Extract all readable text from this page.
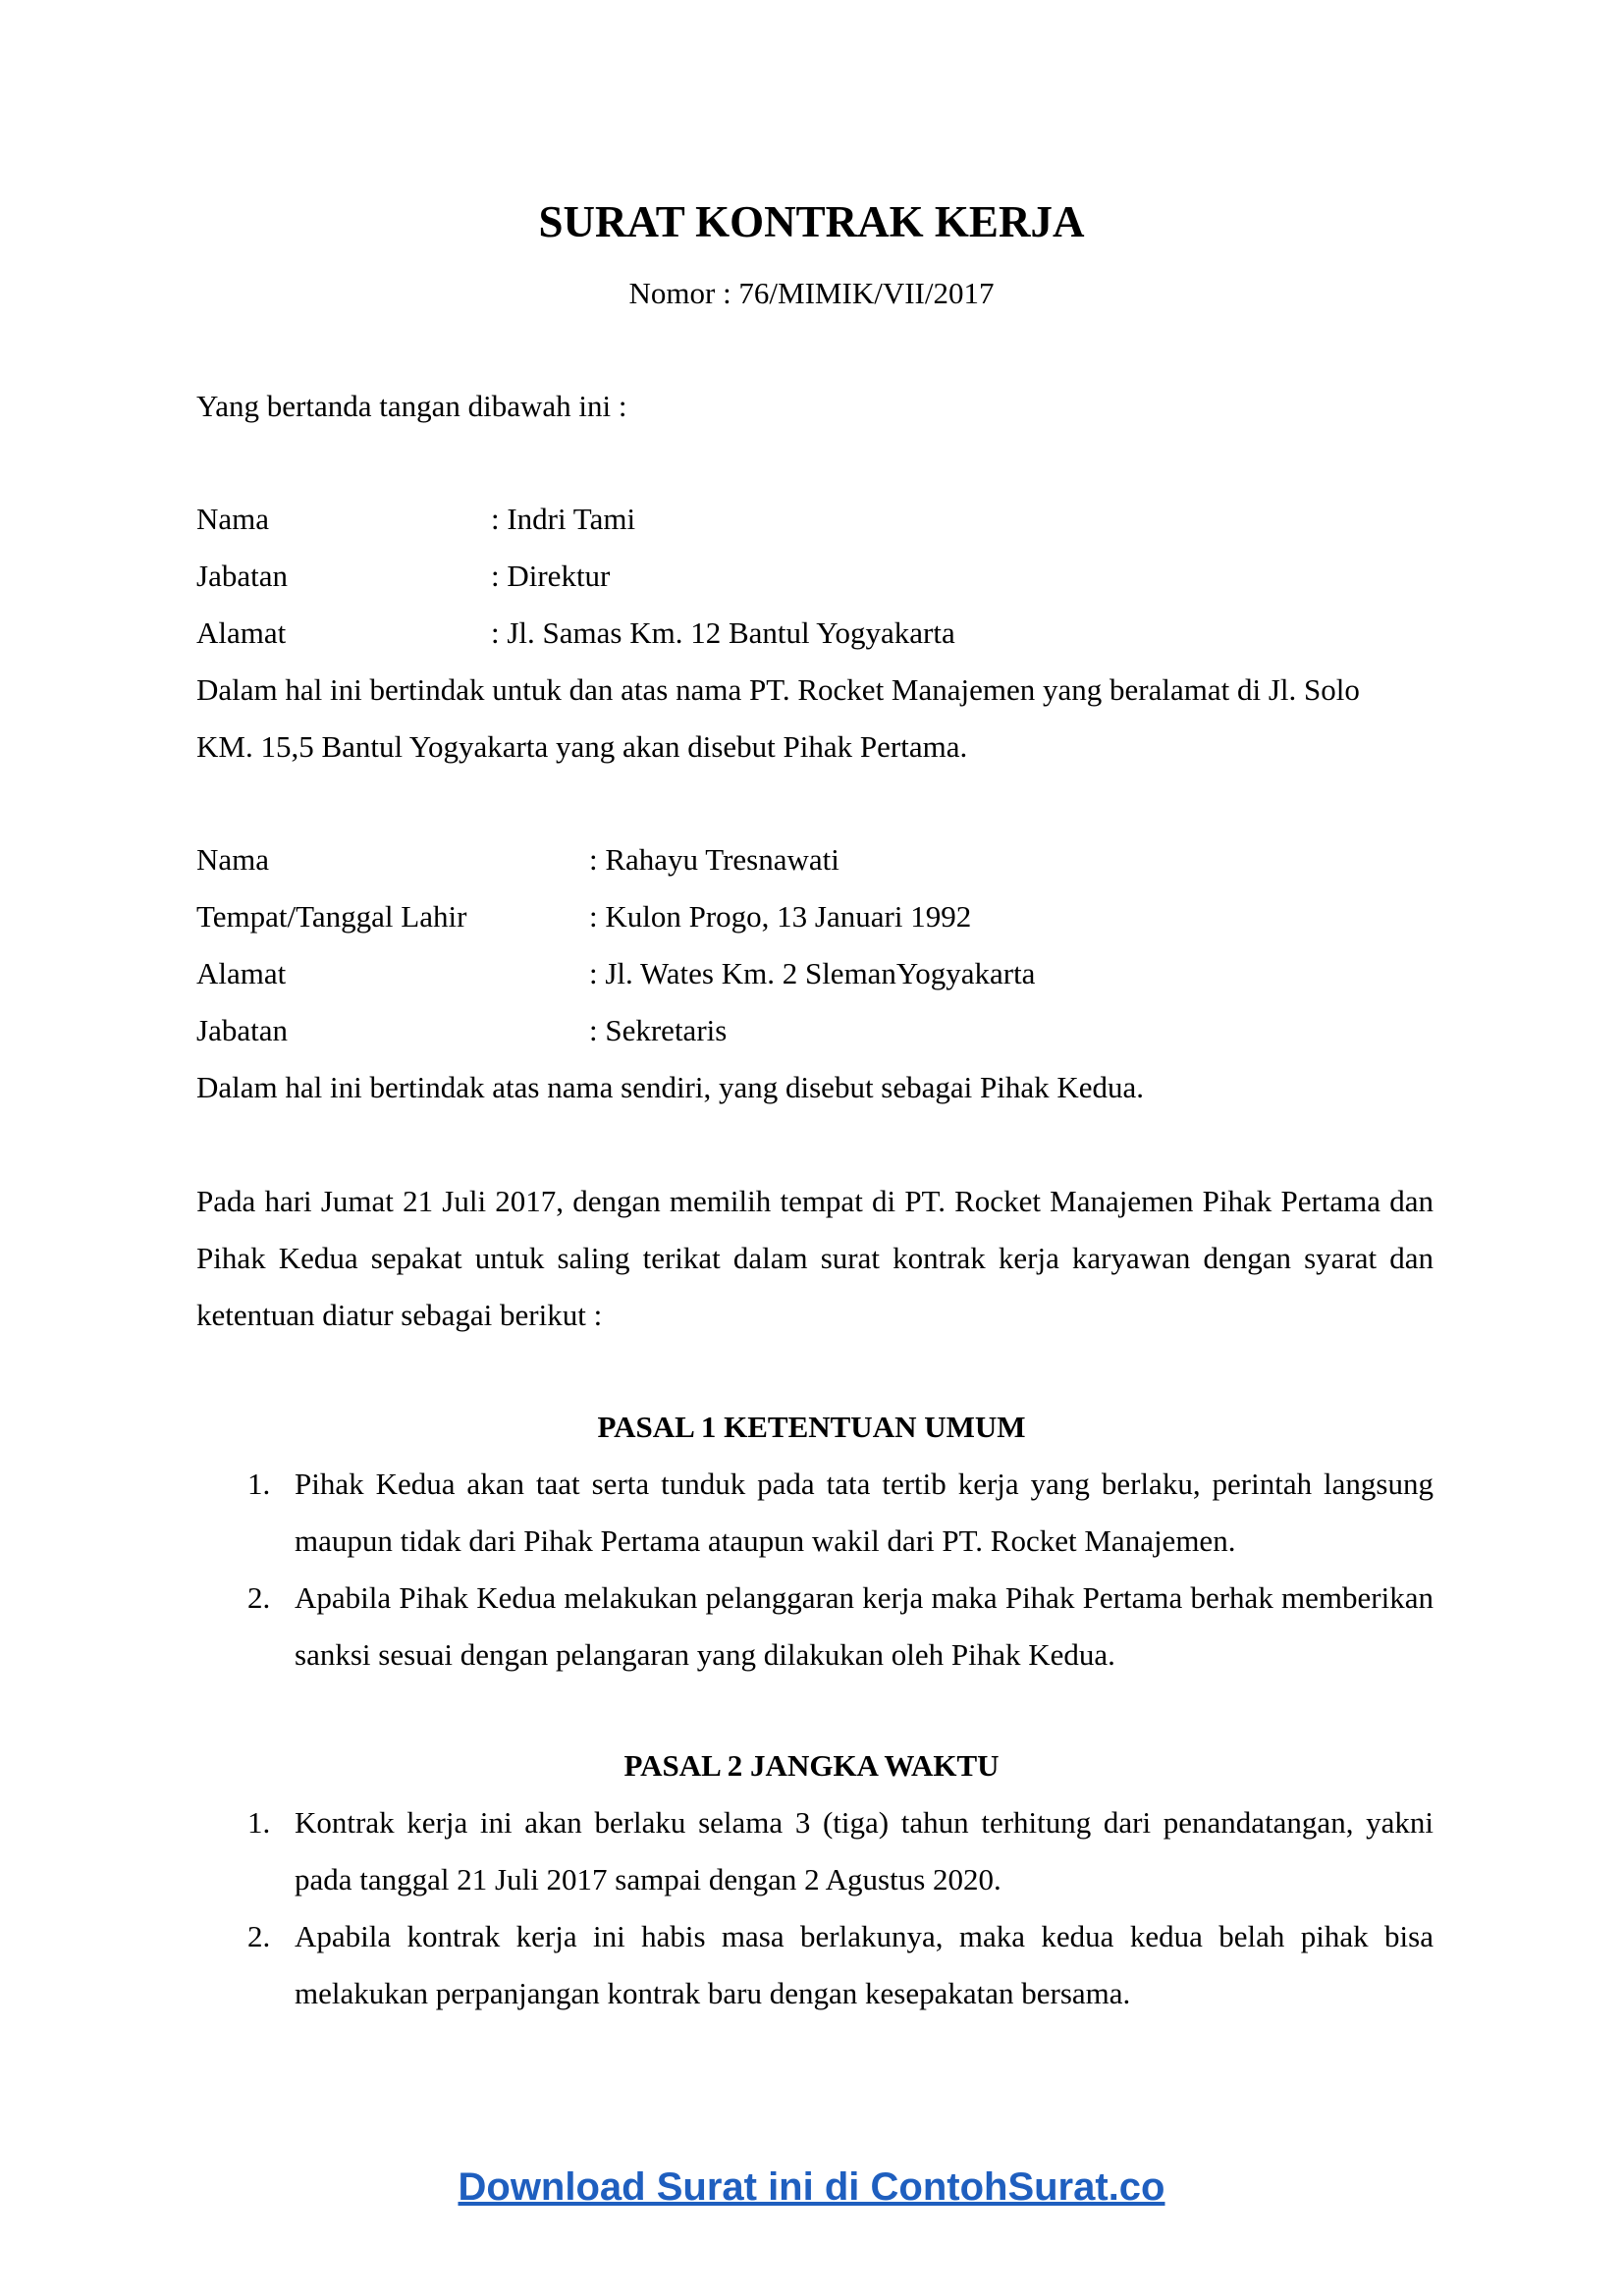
SURAT KONTRAK KERJA
Nomor : 76/MIMIK/VII/2017

Yang bertanda tangan dibawah ini :

Nama	: Indri Tami
Jabatan	: Direktur
Alamat	: Jl. Samas Km. 12 Bantul Yogyakarta
Dalam hal ini bertindak untuk dan atas nama PT. Rocket Manajemen yang beralamat di Jl. Solo
KM. 15,5 Bantul Yogyakarta yang akan disebut Pihak Pertama.
Nama	: Rahayu Tresnawati
Tempat/Tanggal Lahir	: Kulon Progo, 13 Januari 1992
Alamat	: Jl. Wates Km. 2 SlemanYogyakarta
Jabatan	: Sekretaris
Dalam hal ini bertindak atas nama sendiri, yang disebut sebagai Pihak Kedua.

Pada hari Jumat 21 Juli 2017, dengan memilih tempat di PT. Rocket Manajemen Pihak Pertama dan Pihak Kedua sepakat untuk saling terikat dalam surat kontrak kerja karyawan dengan syarat dan ketentuan diatur sebagai berikut :

PASAL 1 KETENTUAN UMUM
1. Pihak Kedua akan taat serta tunduk pada tata tertib kerja yang berlaku, perintah langsung maupun tidak dari Pihak Pertama ataupun wakil dari PT. Rocket Manajemen.
2. Apabila Pihak Kedua melakukan pelanggaran kerja maka Pihak Pertama berhak memberikan sanksi sesuai dengan pelangaran yang dilakukan oleh Pihak Kedua.
PASAL 2 JANGKA WAKTU
1. Kontrak kerja ini akan berlaku selama 3 (tiga) tahun terhitung dari penandatangan, yakni pada tanggal 21 Juli 2017 sampai dengan 2 Agustus 2020.
2. Apabila kontrak kerja ini habis masa berlakunya, maka kedua kedua belah pihak bisa melakukan perpanjangan kontrak baru dengan kesepakatan bersama.
Download Surat ini di ContohSurat.co
